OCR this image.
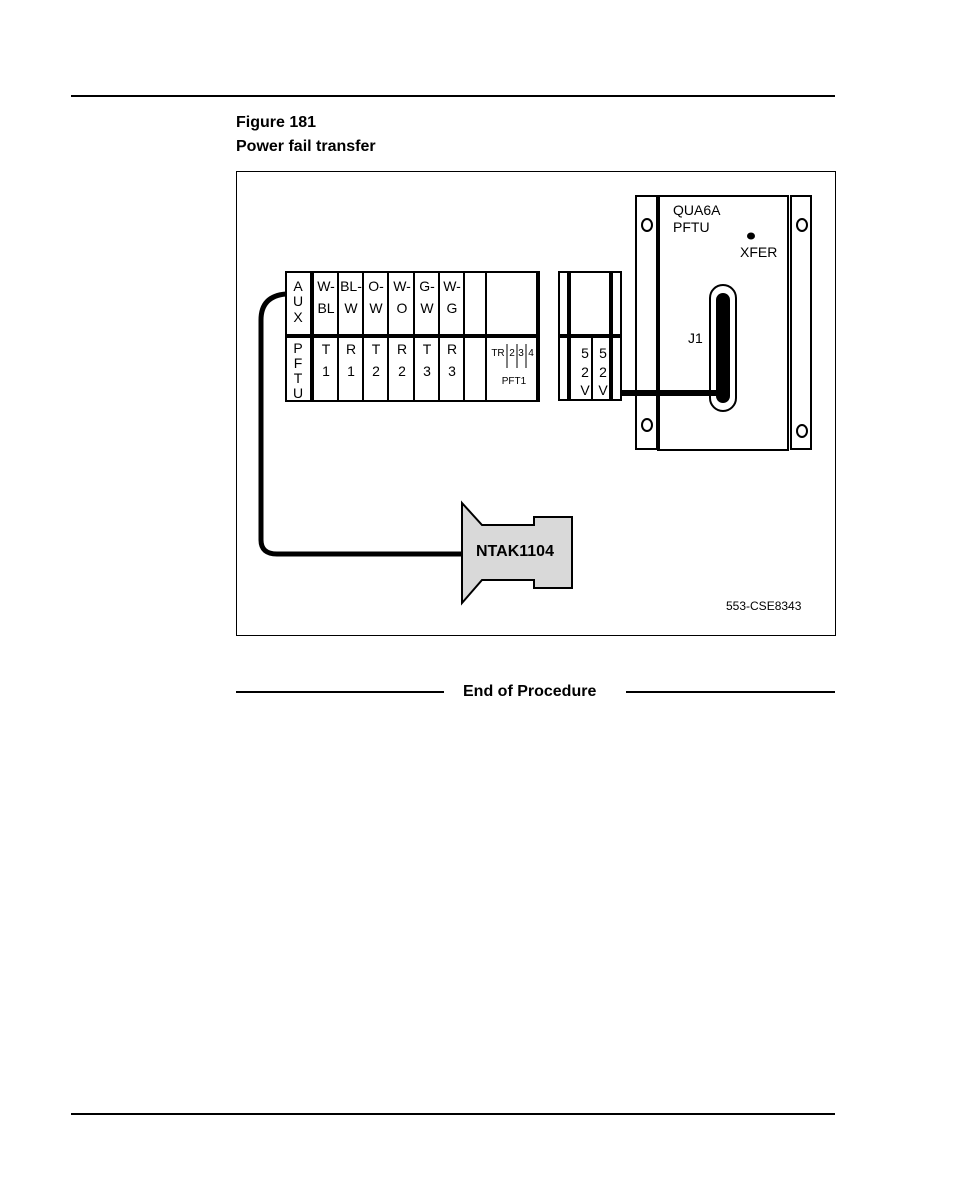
Figure 181
Power fail transfer
QUA6A
PFTU
XFER
J1
5
2
V
5
2
V
A
U
X
P
F
T
U
W-
BL
BL-
W
O-
W
W-
O
G-
W
W-
G
T
1
R
1
T
2
R
2
T
3
R
3
TR 2 3 4
PFT1
NTAK1104
553-CSE8343
End of Procedure
